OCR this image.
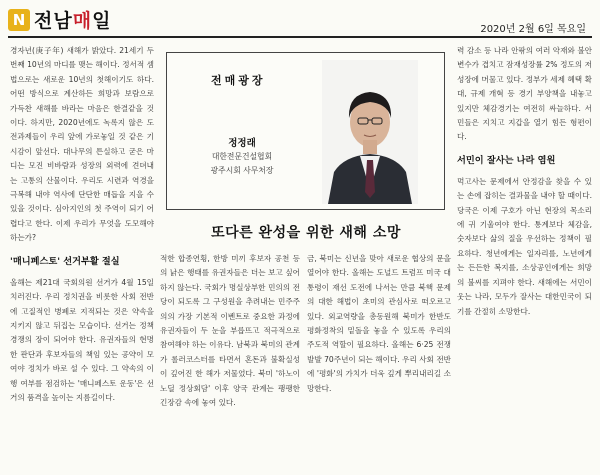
N 전남매일	2020년 2월 6일 목요일

경자년(庚子年) 새해가 밝았다. 21세기 두 번째 10년의 마디를 맺는 해이다. 정서적 셈법으로는 새로운 10년의 첫해이기도 하다. 어떤 방식으로 계산하든 희망과 보람으로 가득찬 새해를 바라는 마음은 한결같을 것이다. 하지만, 2020년에도 녹록지 않은 도전과제들이 우리 앞에 가로놓일 것 같은 기시감이 앞선다. 대나무의 튼실하고 굳은 마디는 모진 비바람과 성장의 외력에 견뎌내는 고통의 산물이다. 우리도 시련과 역경을 극복해 내야 역사에 단단한 매듭을 지을 수 있을 것이다. 심아지인의 첫 주역이 되기 어렵다고 한다. 이제 우리가 무엇을 도모해야 하는가?

'매니페스토' 선거부활 절실

올해는 제21대 국회의원 선거가 4월 15일 치러진다. 우리 정치권을 비롯한 사회 전반에 고질적인 병폐로 지적되는 것은 약속을 지키지 않고 뒤집는 모습이다. 선거는 정책 경쟁의 장이 되어야 한다. 유권자들의 현명한 판단과 후보자들의 책임 있는 공약이 모여야 정치가 바로 설 수 있다. 그 약속의 이행 여부를 점검하는 '매니페스토 운동'은 선거의 품격을 높이는 지름길이다.

전매광장
정정래
대한전문건설협회
광주시회 사무처장
또다른 완성을 위한 새해 소망

적한 합종연횡, 한방 미끼 후보자 공천 등의 낡은 행태를 유권자들은 더는 보고 싶어 하지 않는다. 국회가 명실상부한 민의의 전당이 되도록 그 구성원을 추려내는 민주주의의 가장 기본적 이벤트로 중요한 과정에 유권자들이 두 눈을 부릅뜨고 적극적으로 참여해야 하는 이유다. 남북과 북미의 관계가 롤러코스터를 타면서 혼돈과 불확실성이 깊어진 한 해가 저물었다. 북미 '하노이 노딜 정상회담' 이후 양국 관계는 팽팽한 긴장감 속에 놓여 있다.

금, 북미는 신년을 맞아 새로운 협상의 문을 열어야 한다. 올해는 도널드 트럼프 미국 대통령이 재선 도전에 나서는 만큼 북핵 문제의 대한 해법이 초미의 관심사로 떠오르고 있다. 외교역량을 총동원해 북미가 한반도 평화정착의 밑돌을 놓을 수 있도록 우리의 주도적 역할이 필요하다. 올해는 6·25 전쟁 발발 70주년이 되는 해이다. 우리 사회 전반에 '평화'의 가치가 더욱 깊게 뿌리내리길 소망한다.

력 감소 등 나라 안팎의 여러 악재와 불안 변수가 겹치고 잠재성장률 2% 정도의 저성장에 머물고 있다. 정부가 세제 혜택 확대, 규제 개혁 등 경기 부양책을 내놓고 있지만 체감경기는 여전히 싸늘하다. 서민들은 지치고 지갑을 열기 힘든 형편이다.

서민이 잘사는 나라 염원

먹고사는 문제에서 안정감을 찾을 수 있는 손에 잡히는 결과물을 내야 할 때이다. 당국은 이제 구호가 아닌 현장의 목소리에 귀 기울여야 한다. 통계보다 체감을, 숫자보다 삶의 질을 우선하는 정책이 필요하다. 청년에게는 일자리를, 노년에게는 든든한 복지를, 소상공인에게는 희망의 불씨를 지펴야 한다. 새해에는 서민이 웃는 나라, 모두가 잘사는 대한민국이 되기를 간절히 소망한다.
